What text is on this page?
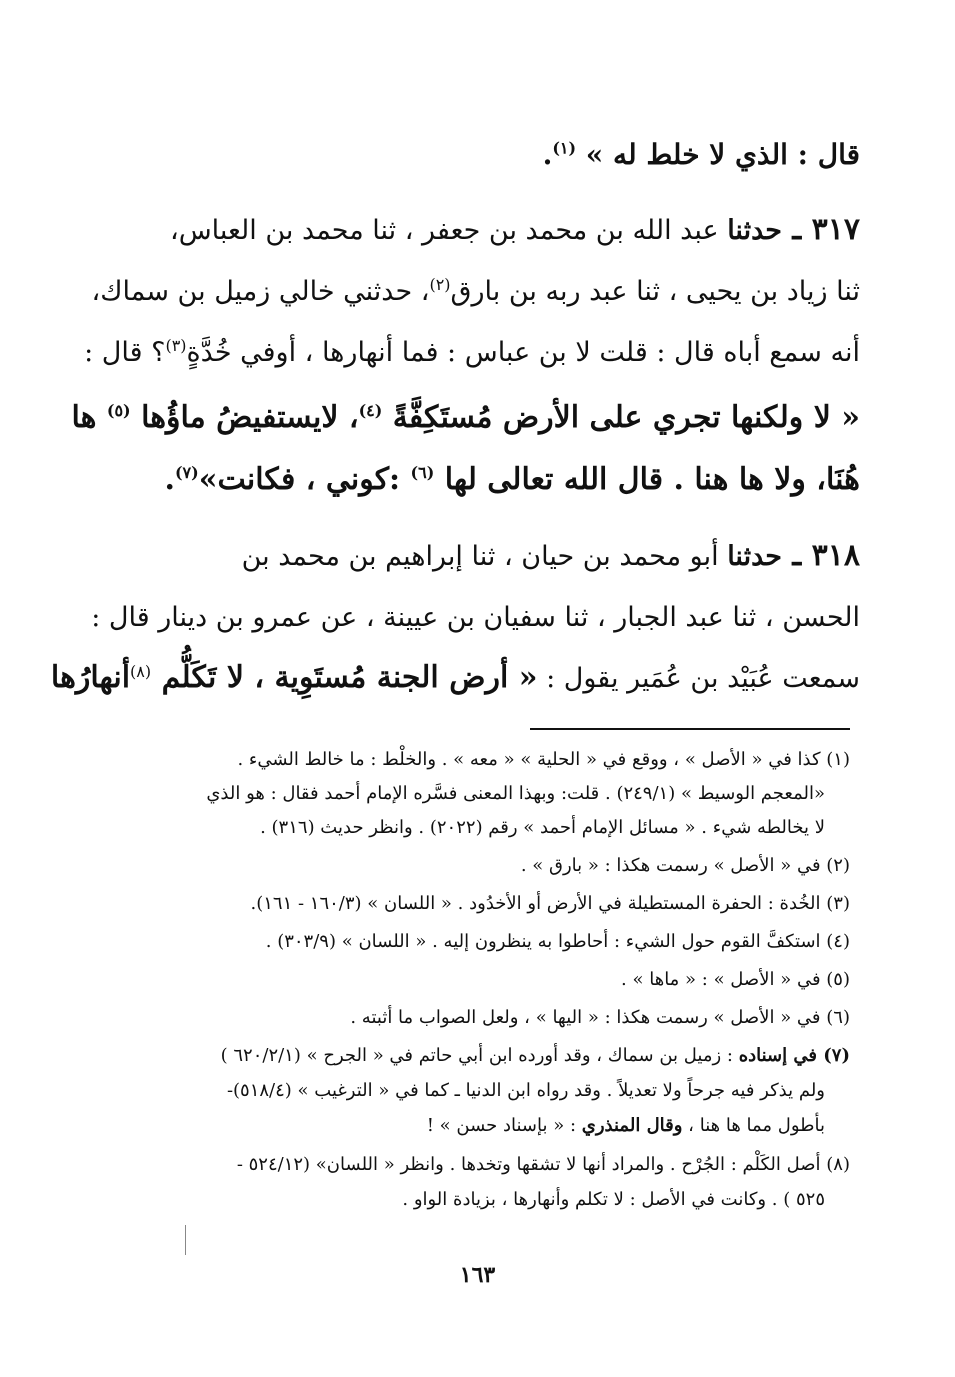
قال : الذي لا خلط له » $^{(١)}$.
٣١٧ ـ حدثنا عبد الله بن محمد بن جعفر ، ثنا محمد بن العباس،
ثنا زياد بن يحيى ، ثنا عبد ربه بن بارق$^{(٢)}$، حدثني خالي زميل بن سماك،
أنه سمع أباه قال : قلت لا بن عباس : فما أنهارها ، أوفي خُدَّةٍ$^{(٣)}$؟ قال :
« لا ولكنها تجري على الأرض مُستَكِفَّةً $^{(٤)}$، لايستفيضُ ماؤُها $^{(٥)}$ ها
هُنَا، ولا ها هنا . قال الله تعالى لها $^{(٦)}$ :كوني ، فكانت»$^{(٧)}$.
٣١٨ ـ حدثنا أبو محمد بن حيان ، ثنا إبراهيم بن محمد بن
الحسن ، ثنا عبد الجبار ، ثنا سفيان بن عيينة ، عن عمرو بن دينار قال :
سمعت عُبَيْد بن عُمَير يقول : « أرض الجنة مُستَوِية ، لا تَكَلُّم $^{(٨)}$أنهارُها
(١) كذا في « الأصل » ، ووقع في « الحلية » « معه » . والخلْط : ما خالط الشيء .
«المعجم الوسيط » (٢٤٩/١) . قلت: وبهذا المعنى فسَّره الإمام أحمد فقال : هو الذي
لا يخالطه شيء . « مسائل الإمام أحمد » رقم (٢٠٢٢) . وانظر حديث (٣١٦) .
(٢) في « الأصل » رسمت هكذا : « بارق » .
(٣) الخُدة : الحفرة المستطيلة في الأرض أو الأخدُود . « اللسان » (١٦٠/٣ - ١٦١).
(٤) استكفَّ القوم حول الشيء : أحاطوا به ينظرون إليه . « اللسان » (٣٠٣/٩) .
(٥) في « الأصل » : « ماها » .
(٦) في « الأصل » رسمت هكذا : « اليها » ، ولعل الصواب ما أثبته .
(٧) في إسناده : زميل بن سماك ، وقد أورده ابن أبي حاتم في « الجرح » (٦٢٠/٢/١ )
ولم يذكر فيه جرحاً ولا تعديلاً . وقد رواه ابن الدنيا ـ كما في « الترغيب » (٥١٨/٤)-
بأطول مما ها هنا ، وقال المنذري : « بإسناد حسن » !
(٨) أصل الكَلْم : الجُرْح . والمراد أنها لا تشقها وتخدها . وانظر « اللسان» (٥٢٤/١٢ -
٥٢٥ ) . وكانت في الأصل : لا تكلم وأنهارها ، بزيادة الواو .
١٦٣
